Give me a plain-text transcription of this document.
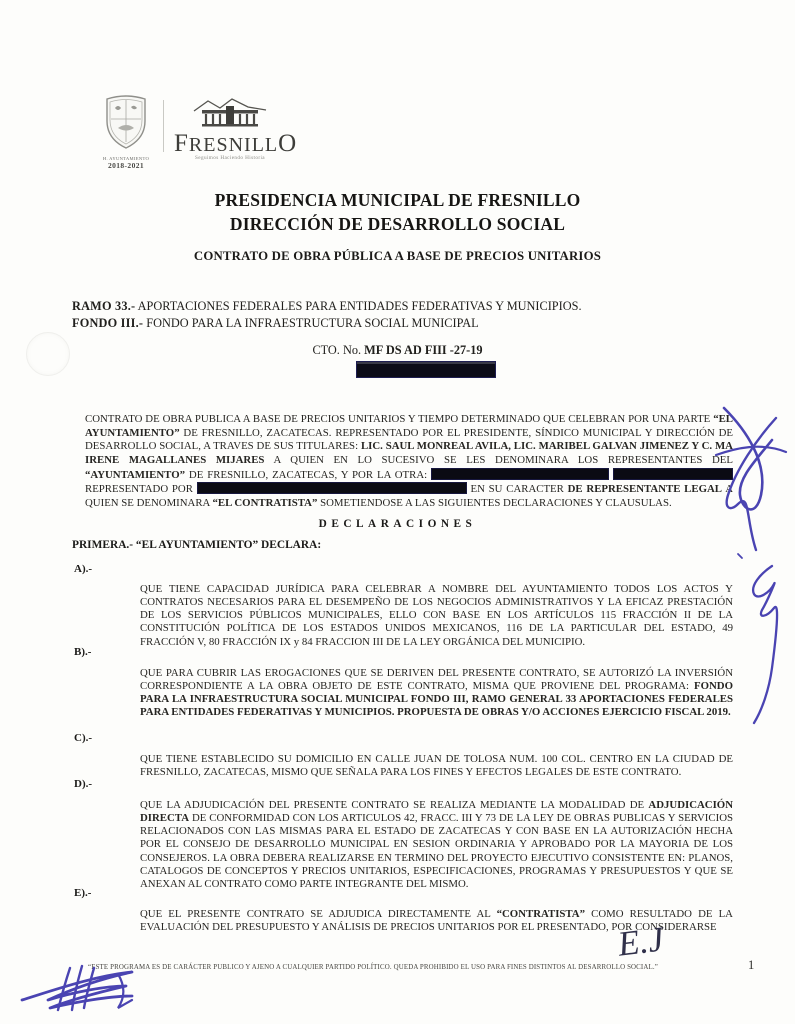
H. AYUNTAMIENTO
2018-2021
FRESNILLO
Seguimos Haciendo Historia
PRESIDENCIA MUNICIPAL DE FRESNILLO
DIRECCIÓN DE DESARROLLO SOCIAL
CONTRATO DE OBRA PÚBLICA A BASE DE PRECIOS UNITARIOS
RAMO 33.- APORTACIONES FEDERALES PARA ENTIDADES FEDERATIVAS Y MUNICIPIOS.
FONDO III.- FONDO PARA LA INFRAESTRUCTURA SOCIAL MUNICIPAL
CTO. No. MF DS AD FIII -27-19

CONTRATO DE OBRA PUBLICA A BASE DE PRECIOS UNITARIOS Y TIEMPO DETERMINADO QUE CELEBRAN POR UNA PARTE “EL AYUNTAMIENTO” DE FRESNILLO, ZACATECAS. REPRESENTADO POR EL PRESIDENTE, SÍNDICO MUNICIPAL Y DIRECCIÓN DE DESARROLLO SOCIAL, A TRAVES DE SUS TITULARES: LIC. SAUL MONREAL AVILA, LIC. MARIBEL GALVAN JIMENEZ Y C. MA IRENE MAGALLANES MIJARES A QUIEN EN LO SUCESIVO SE LES DENOMINARA LOS REPRESENTANTES DEL “AYUNTAMIENTO” DE FRESNILLO, ZACATECAS, Y POR LA OTRA:   REPRESENTADO POR	EN SU CARACTER DE REPRESENTANTE LEGAL A QUIEN SE DENOMINARA “EL CONTRATISTA” SOMETIENDOSE A LAS SIGUIENTES DECLARACIONES Y CLAUSULAS.

DECLARACIONES
PRIMERA.- “EL AYUNTAMIENTO” DECLARA:
A).-

QUE TIENE CAPACIDAD JURÍDICA PARA CELEBRAR A NOMBRE DEL AYUNTAMIENTO TODOS LOS ACTOS Y CONTRATOS NECESARIOS PARA EL DESEMPEÑO DE LOS NEGOCIOS ADMINISTRATIVOS Y LA EFICAZ PRESTACIÓN DE LOS SERVICIOS PÚBLICOS MUNICIPALES, ELLO CON BASE EN LOS ARTÍCULOS 115 FRACCIÓN II DE LA CONSTITUCIÓN POLÍTICA DE LOS ESTADOS UNIDOS MEXICANOS, 116 DE LA PARTICULAR DEL ESTADO, 49 FRACCIÓN V, 80 FRACCIÓN IX y 84 FRACCION III DE LA LEY ORGÁNICA DEL MUNICIPIO.

B).-

QUE PARA CUBRIR LAS EROGACIONES QUE SE DERIVEN DEL PRESENTE CONTRATO, SE AUTORIZÓ LA INVERSIÓN CORRESPONDIENTE A LA OBRA OBJETO DE ESTE CONTRATO, MISMA QUE PROVIENE DEL PROGRAMA: FONDO PARA LA INFRAESTRUCTURA SOCIAL MUNICIPAL FONDO III, RAMO GENERAL 33 APORTACIONES FEDERALES PARA ENTIDADES FEDERATIVAS Y MUNICIPIOS. PROPUESTA DE OBRAS Y/O ACCIONES EJERCICIO FISCAL 2019.

C).-

QUE TIENE ESTABLECIDO SU DOMICILIO EN CALLE JUAN DE TOLOSA NUM. 100 COL. CENTRO EN LA CIUDAD DE FRESNILLO, ZACATECAS, MISMO QUE SEÑALA PARA LOS FINES Y EFECTOS LEGALES DE ESTE CONTRATO.

D).-

QUE LA ADJUDICACIÓN DEL PRESENTE CONTRATO SE REALIZA MEDIANTE LA MODALIDAD DE ADJUDICACIÓN DIRECTA DE CONFORMIDAD CON LOS ARTICULOS 42, FRACC. III Y 73 DE LA LEY DE OBRAS PUBLICAS Y SERVICIOS RELACIONADOS CON LAS MISMAS PARA EL ESTADO DE ZACATECAS Y CON BASE EN LA AUTORIZACIÓN HECHA POR EL CONSEJO DE DESARROLLO MUNICIPAL EN SESION ORDINARIA Y APROBADO POR LA MAYORIA DE LOS CONSEJEROS. LA OBRA DEBERA REALIZARSE EN TERMINO DEL PROYECTO EJECUTIVO CONSISTENTE EN: PLANOS, CATALOGOS DE CONCEPTOS Y PRECIOS UNITARIOS, ESPECIFICACIONES, PROGRAMAS Y PRESUPUESTOS Y QUE SE ANEXAN AL CONTRATO COMO PARTE INTEGRANTE DEL MISMO.

E).-

QUE EL PRESENTE CONTRATO SE ADJUDICA DIRECTAMENTE AL “CONTRATISTA” COMO RESULTADO DE LA EVALUACIÓN DEL PRESUPUESTO Y ANÁLISIS DE PRECIOS UNITARIOS POR EL PRESENTADO, POR CONSIDERARSE

“ESTE PROGRAMA ES DE CARÁCTER PUBLICO Y AJENO A CUALQUIER PARTIDO POLÍTICO. QUEDA PROHIBIDO EL USO PARA FINES DISTINTOS AL DESARROLLO SOCIAL.”	1
E.J
